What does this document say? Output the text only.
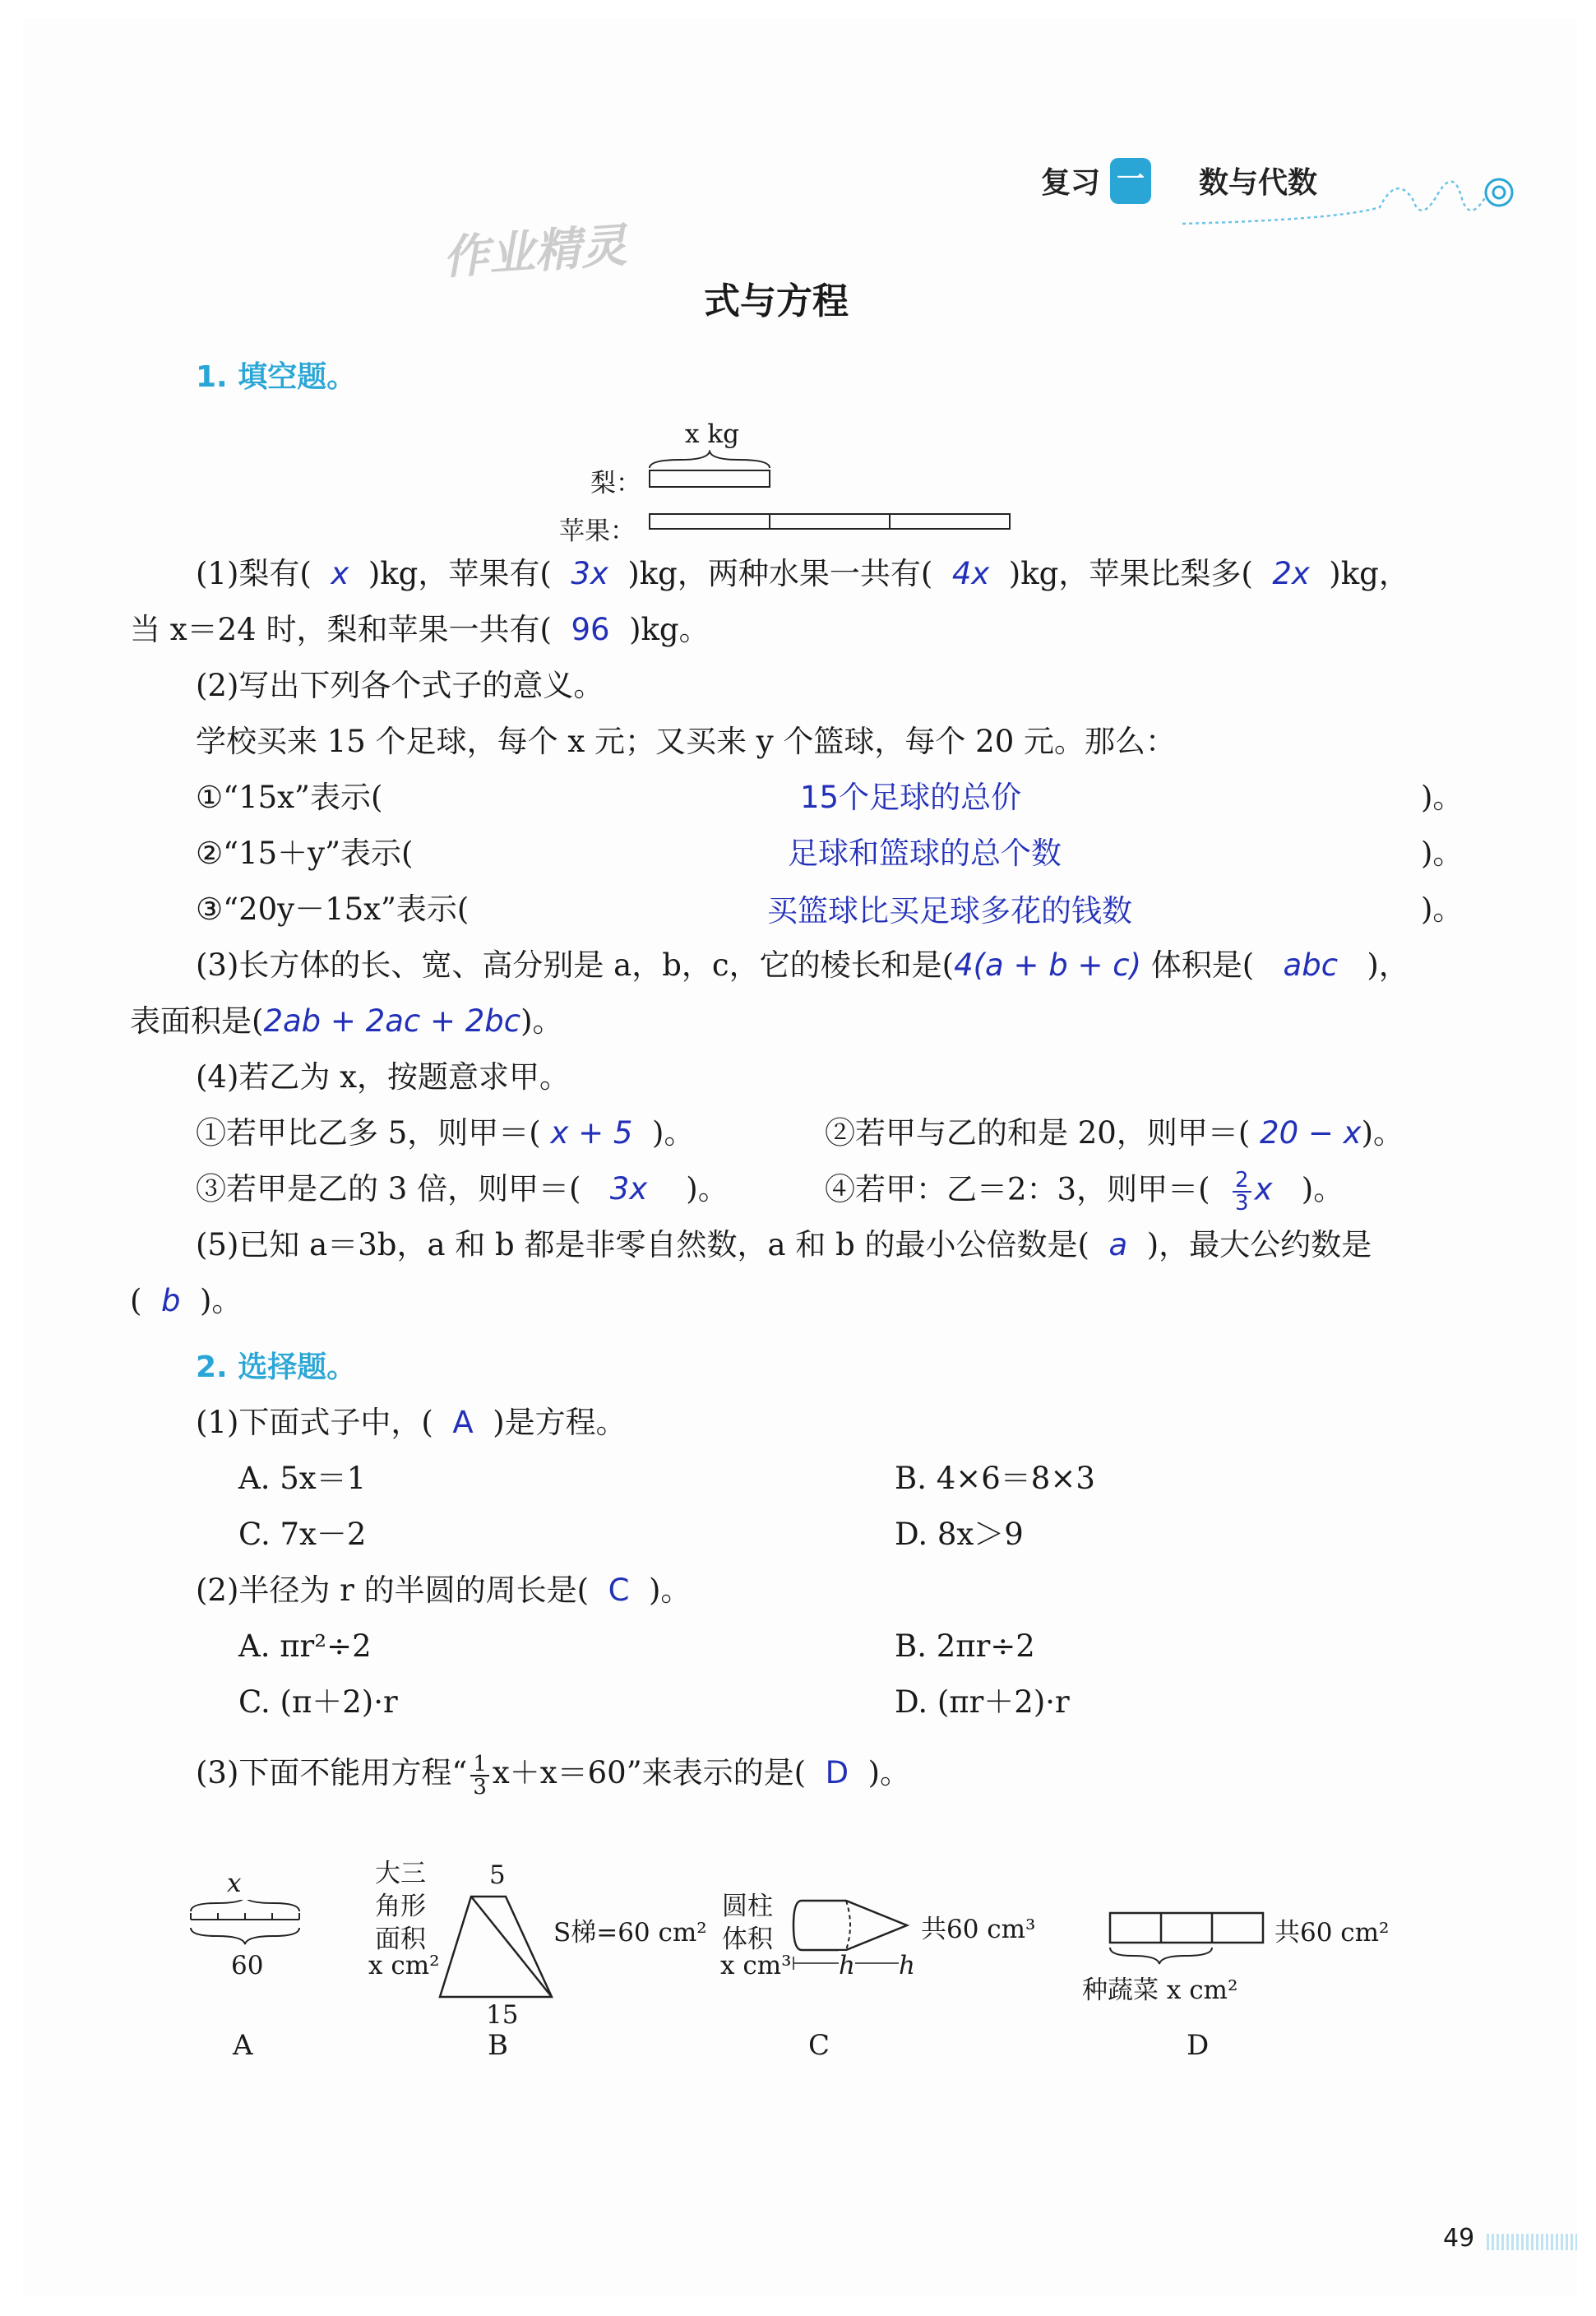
作业精灵
复习 一 数与代数
式与方程
1. 填空题。
x kg
梨：
苹果：
(1)梨有( x )kg，苹果有( 3x )kg，两种水果一共有( 4x )kg，苹果比梨多( 2x )kg，
当 x＝24 时，梨和苹果一共有( 96 )kg。
(2)写出下列各个式子的意义。
学校买来 15 个足球，每个 x 元；又买来 y 个篮球，每个 20 元。那么：
①“15x”表示(	15个足球的总价	)。
②“15＋y”表示(	足球和篮球的总个数	)。
③“20y－15x”表示(	买篮球比买足球多花的钱数	)。
(3)长方体的长、宽、高分别是 a，b，c，它的棱长和是(4(a + b + c) 体积是( abc )，
表面积是(2ab + 2ac + 2bc)。
(4)若乙为 x，按题意求甲。
①若甲比乙多 5，则甲＝( x + 5 )。	②若甲与乙的和是 20，则甲＝( 20 − x)。
③若甲是乙的 3 倍，则甲＝( 3x )。	④若甲：乙＝2：3，则甲＝( $\frac{2}{3}$ x )。
(5)已知 a＝3b，a 和 b 都是非零自然数，a 和 b 的最小公倍数是( a )，最大公约数是
( b )。
2. 选择题。
(1)下面式子中，( A )是方程。
A. 5x＝1	B. 4×6＝8×3
C. 7x－2	D. 8x＞9
(2)半径为 r 的半圆的周长是( C )。
A. πr²÷2	B. 2πr÷2
C. (π＋2)·r	D. (πr＋2)·r
(3)下面不能用方程“ $\frac{1}{3} x+x=60$”来表示的是( D )。
x
60
A
大三
角形
面积
x cm²
5
S梯=60 cm²
15
B
圆柱
体积
x cm³ h h
共60 cm³
C
共60 cm²
种蔬菜 x cm²
D
49
